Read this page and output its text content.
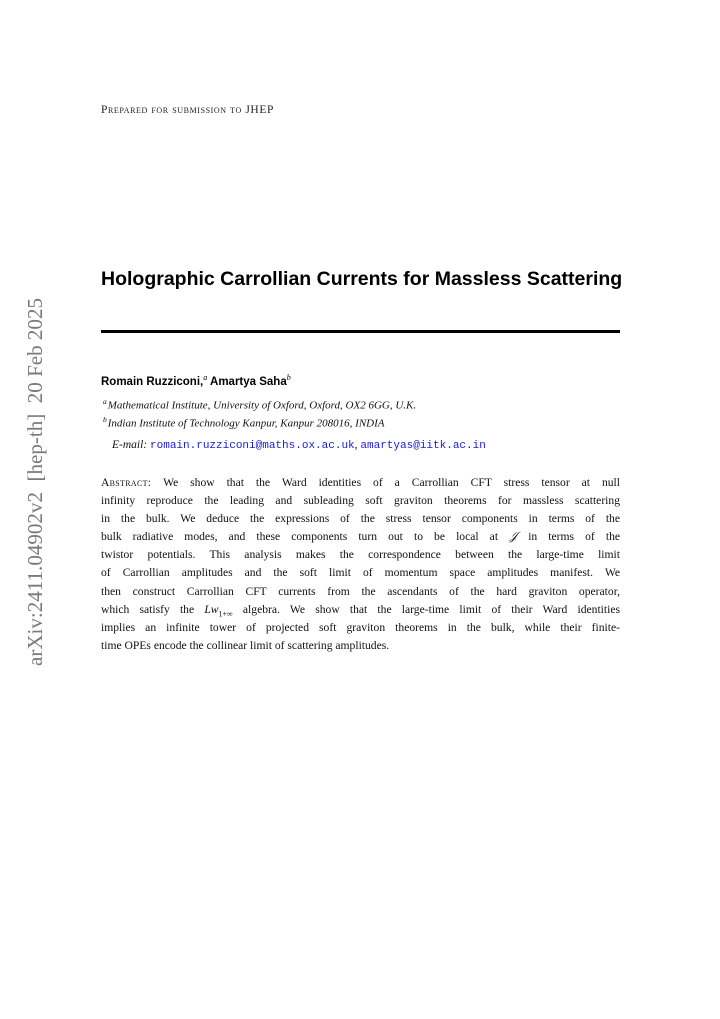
arXiv:2411.04902v2  [hep-th]  20 Feb 2025
Prepared for submission to JHEP
Holographic Carrollian Currents for Massless Scattering
Romain Ruzziconi,$^a$ Amartya Saha$^b$
$^a$Mathematical Institute, University of Oxford, Oxford, OX2 6GG, U.K.
$^b$Indian Institute of Technology Kanpur, Kanpur 208016, INDIA
E-mail: romain.ruzziconi@maths.ox.ac.uk, amartyas@iitk.ac.in
Abstract: We show that the Ward identities of a Carrollian CFT stress tensor at null
infinity reproduce the leading and subleading soft graviton theorems for massless scattering
in the bulk. We deduce the expressions of the stress tensor components in terms of the
bulk radiative modes, and these components turn out to be local at 𝒥 in terms of the
twistor potentials. This analysis makes the correspondence between the large-time limit
of Carrollian amplitudes and the soft limit of momentum space amplitudes manifest. We
then construct Carrollian CFT currents from the ascendants of the hard graviton operator,
which satisfy the $Lw_{1+\infty}$ algebra. We show that the large-time limit of their Ward identities
implies an infinite tower of projected soft graviton theorems in the bulk, while their finite-
time OPEs encode the collinear limit of scattering amplitudes.
